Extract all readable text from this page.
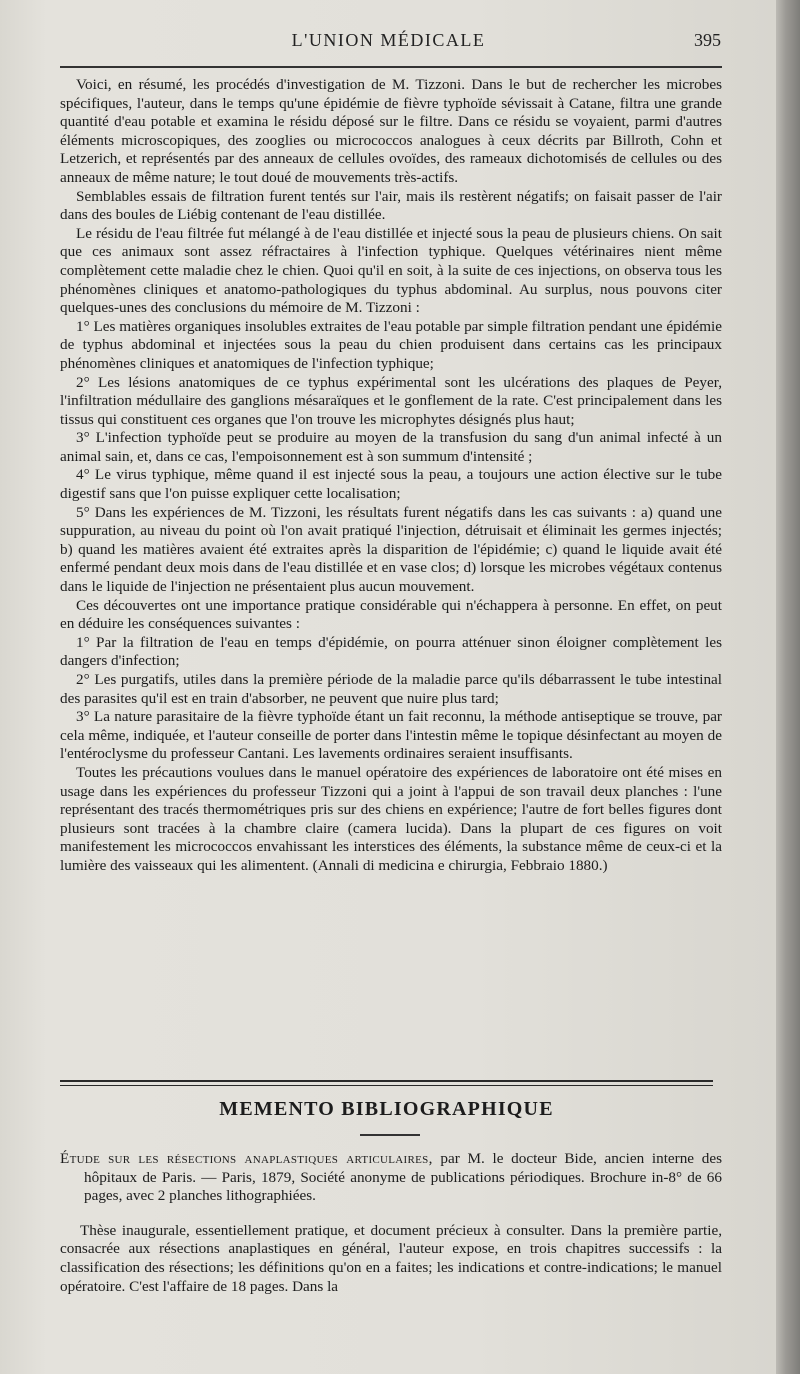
L'UNION MÉDICALE	395

Voici, en résumé, les procédés d'investigation de M. Tizzoni. Dans le but de rechercher les microbes spécifiques, l'auteur, dans le temps qu'une épidémie de fièvre typhoïde sévissait à Catane, filtra une grande quantité d'eau potable et examina le résidu déposé sur le filtre. Dans ce résidu se voyaient, parmi d'autres éléments microscopiques, des zooglies ou micrococcos analogues à ceux décrits par Billroth, Cohn et Letzerich, et représentés par des anneaux de cellules ovoïdes, des rameaux dichotomisés de cellules ou des anneaux de même nature; le tout doué de mouvements très-actifs.

Semblables essais de filtration furent tentés sur l'air, mais ils restèrent négatifs; on faisait passer de l'air dans des boules de Liébig contenant de l'eau distillée.

Le résidu de l'eau filtrée fut mélangé à de l'eau distillée et injecté sous la peau de plusieurs chiens. On sait que ces animaux sont assez réfractaires à l'infection typhique. Quelques vétérinaires nient même complètement cette maladie chez le chien. Quoi qu'il en soit, à la suite de ces injections, on observa tous les phénomènes cliniques et anatomo-pathologiques du typhus abdominal. Au surplus, nous pouvons citer quelques-unes des conclusions du mémoire de M. Tizzoni :

1° Les matières organiques insolubles extraites de l'eau potable par simple filtration pendant une épidémie de typhus abdominal et injectées sous la peau du chien produisent dans certains cas les principaux phénomènes cliniques et anatomiques de l'infection typhique;

2° Les lésions anatomiques de ce typhus expérimental sont les ulcérations des plaques de Peyer, l'infiltration médullaire des ganglions mésaraïques et le gonflement de la rate. C'est principalement dans les tissus qui constituent ces organes que l'on trouve les microphytes désignés plus haut;

3° L'infection typhoïde peut se produire au moyen de la transfusion du sang d'un animal infecté à un animal sain, et, dans ce cas, l'empoisonnement est à son summum d'intensité ;

4° Le virus typhique, même quand il est injecté sous la peau, a toujours une action élective sur le tube digestif sans que l'on puisse expliquer cette localisation;

5° Dans les expériences de M. Tizzoni, les résultats furent négatifs dans les cas suivants : a) quand une suppuration, au niveau du point où l'on avait pratiqué l'injection, détruisait et éliminait les germes injectés; b) quand les matières avaient été extraites après la disparition de l'épidémie; c) quand le liquide avait été enfermé pendant deux mois dans de l'eau distillée et en vase clos; d) lorsque les microbes végétaux contenus dans le liquide de l'injection ne présentaient plus aucun mouvement.

Ces découvertes ont une importance pratique considérable qui n'échappera à personne. En effet, on peut en déduire les conséquences suivantes :

1° Par la filtration de l'eau en temps d'épidémie, on pourra atténuer sinon éloigner complètement les dangers d'infection;

2° Les purgatifs, utiles dans la première période de la maladie parce qu'ils débarrassent le tube intestinal des parasites qu'il est en train d'absorber, ne peuvent que nuire plus tard;

3° La nature parasitaire de la fièvre typhoïde étant un fait reconnu, la méthode antiseptique se trouve, par cela même, indiquée, et l'auteur conseille de porter dans l'intestin même le topique désinfectant au moyen de l'entéroclysme du professeur Cantani. Les lavements ordinaires seraient insuffisants.

Toutes les précautions voulues dans le manuel opératoire des expériences de laboratoire ont été mises en usage dans les expériences du professeur Tizzoni qui a joint à l'appui de son travail deux planches : l'une représentant des tracés thermométriques pris sur des chiens en expérience; l'autre de fort belles figures dont plusieurs sont tracées à la chambre claire (camera lucida). Dans la plupart de ces figures on voit manifestement les micrococcos envahissant les interstices des éléments, la substance même de ceux-ci et la lumière des vaisseaux qui les alimentent. (Annali di medicina e chirurgia, Febbraio 1880.)

MEMENTO BIBLIOGRAPHIQUE

Étude sur les résections anaplastiques articulaires, par M. le docteur Bide, ancien interne des hôpitaux de Paris. — Paris, 1879, Société anonyme de publications périodiques. Brochure in-8° de 66 pages, avec 2 planches lithographiées.

Thèse inaugurale, essentiellement pratique, et document précieux à consulter. Dans la première partie, consacrée aux résections anaplastiques en général, l'auteur expose, en trois chapitres successifs : la classification des résections; les définitions qu'on en a faites; les indications et contre-indications; le manuel opératoire. C'est l'affaire de 18 pages. Dans la
